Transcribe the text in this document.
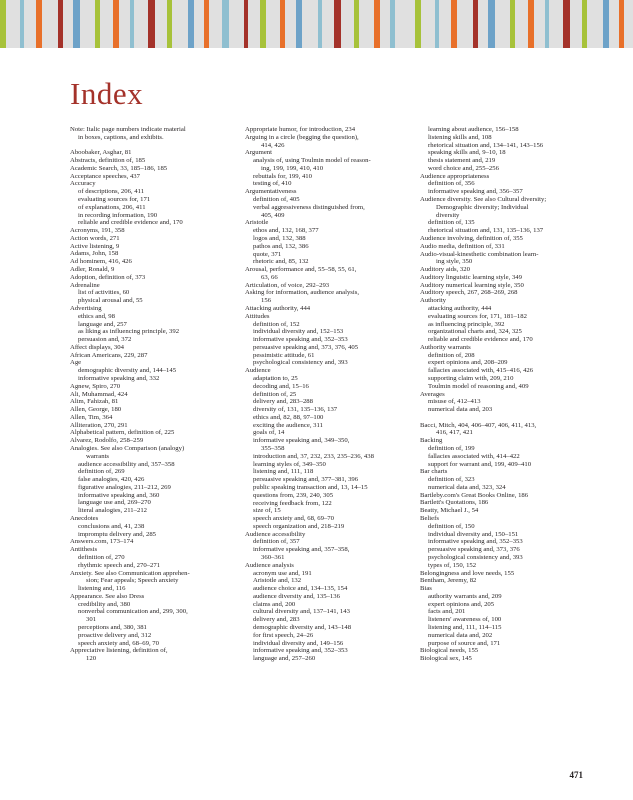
Index
Note: Italic page numbers indicate material
in boxes, captions, and exhibits.
Aboobaker, Asghar, 81
Abstracts, definition of, 185
Academic Search, 33, 185–186, 185
Acceptance speeches, 437
Accuracy
of descriptions, 206, 411
evaluating sources for, 171
of explanations, 206, 411
in recording information, 190
reliable and credible evidence and, 170
Acronyms, 191, 358
Action words, 271
Active listening, 9
Adams, John, 158
Ad hominem, 416, 426
Adler, Ronald, 9
Adoption, definition of, 373
Adrenaline
list of activities, 60
physical arousal and, 55
Advertising
ethics and, 98
language and, 257
as liking as influencing principle, 392
persuasion and, 372
Affect displays, 304
African Americans, 229, 287
Age
demographic diversity and, 144–145
informative speaking and, 332
Agnew, Spiro, 270
Ali, Muhammad, 424
Alim, Fahizah, 81
Allen, George, 180
Allen, Tim, 364
Alliteration, 270, 291
Alphabetical pattern, definition of, 225
Alvarez, Rodolfo, 258–259
Analogies. See also Comparison (analogy)
warrants
audience accessibility and, 357–358
definition of, 269
false analogies, 420, 426
figurative analogies, 211–212, 269
informative speaking and, 360
language use and, 269–270
literal analogies, 211–212
Anecdotes
conclusions and, 41, 238
impromptu delivery and, 285
Answers.com, 173–174
Antithesis
definition of, 270
rhythmic speech and, 270–271
Anxiety. See also Communication apprehen-
sion; Fear appeals; Speech anxiety
listening and, 116
Appearance. See also Dress
credibility and, 380
nonverbal communication and, 299, 300,
301
perceptions and, 380, 381
proactive delivery and, 312
speech anxiety and, 68–69, 70
Appreciative listening, definition of,
120
Appropriate humor, for introduction, 234
Arguing in a circle (begging the question),
414, 426
Argument
analysis of, using Toulmin model of reason-
ing, 199, 199, 410, 410
rebuttals for, 199, 410
testing of, 410
Argumentativeness
definition of, 405
verbal aggressiveness distinguished from,
405, 409
Aristotle
ethos and, 132, 168, 377
logos and, 132, 388
pathos and, 132, 386
quote, 371
rhetoric and, 85, 132
Arousal, performance and, 55–58, 55, 61,
63, 66
Articulation, of voice, 292–293
Asking for information, audience analysis,
156
Attacking authority, 444
Attitudes
definition of, 152
individual diversity and, 152–153
informative speaking and, 352–353
persuasive speaking and, 373, 376, 405
pessimistic attitude, 61
psychological consistency and, 393
Audience
adaptation to, 25
decoding and, 15–16
definition of, 25
delivery and, 283–288
diversity of, 131, 135–136, 137
ethics and, 82, 88, 97–100
exciting the audience, 311
goals of, 14
informative speaking and, 349–350,
355–358
introduction and, 37, 232, 233, 235–236, 438
learning styles of, 349–350
listening and, 111, 118
persuasive speaking and, 377–381, 396
public speaking transaction and, 13, 14–15
questions from, 239, 240, 305
receiving feedback from, 122
size of, 15
speech anxiety and, 68, 69–70
speech organization and, 218–219
Audience accessibility
definition of, 357
informative speaking and, 357–358,
360–361
Audience analysis
acronym use and, 191
Aristotle and, 132
audience choice and, 134–135, 154
audience diversity and, 135–136
claims and, 200
cultural diversity and, 137–141, 143
delivery and, 283
demographic diversity and, 143–148
for first speech, 24–26
individual diversity and, 149–156
informative speaking and, 352–353
language and, 257–260
learning about audience, 156–158
listening skills and, 108
rhetorical situation and, 134–141, 143–156
speaking skills and, 9–10, 18
thesis statement and, 219
word choice and, 255–256
Audience appropriateness
definition of, 356
informative speaking and, 356–357
Audience diversity. See also Cultural diversity;
Demographic diversity; Individual
diversity
definition of, 135
rhetorical situation and, 131, 135–136, 137
Audience involving, definition of, 355
Audio media, definition of, 331
Audio-visual-kinesthetic combination learn-
ing style, 350
Auditory aids, 320
Auditory linguistic learning style, 349
Auditory numerical learning style, 350
Auditory speech, 267, 268–269, 268
Authority
attacking authority, 444
evaluating sources for, 171, 181–182
as influencing principle, 392
organizational charts and, 324, 325
reliable and credible evidence and, 170
Authority warrants
definition of, 208
expert opinions and, 208–209
fallacies associated with, 415–416, 426
supporting claim with, 209, 210
Toulmin model of reasoning and, 409
Averages
misuse of, 412–413
numerical data and, 203
Bacci, Mitch, 404, 406–407, 406, 411, 413,
416, 417, 421
Backing
definition of, 199
fallacies associated with, 414–422
support for warrant and, 199, 409–410
Bar charts
definition of, 323
numerical data and, 323, 324
Bartleby.com's Great Books Online, 186
Bartlett's Quotations, 186
Beatty, Michael J., 54
Beliefs
definition of, 150
individual diversity and, 150–151
informative speaking and, 352–353
persuasive speaking and, 373, 376
psychological consistency and, 393
types of, 150, 152
Belongingness and love needs, 155
Bentham, Jeremy, 82
Bias
authority warrants and, 209
expert opinions and, 205
facts and, 201
listeners' awareness of, 100
listening and, 111, 114–115
numerical data and, 202
purpose of source and, 171
Biological needs, 155
Biological sex, 145
471
